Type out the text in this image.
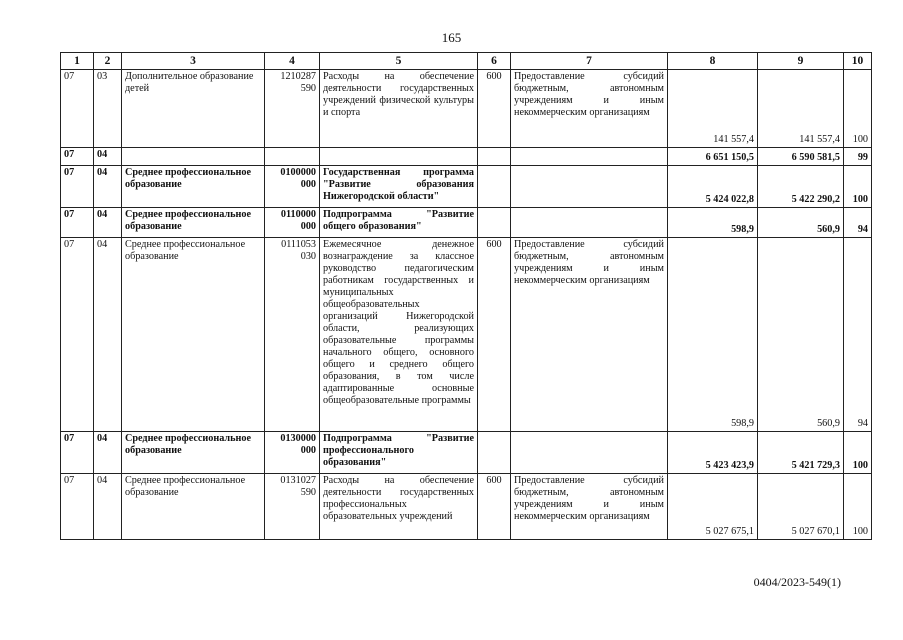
165
1	2	3	4	5	6	7	8	9	10
07	03	Дополнительное образование детей	1210287 590	Расходы на обеспечение деятельности государственных учреждений физической культуры и спорта	600	Предоставление субсидий бюджетным, автономным учреждениям и иным некоммерческим организациям	141 557,4	141 557,4	100
07	04						6 651 150,5	6 590 581,5	99
07	04	Среднее профессиональное образование	0100000 000	Государственная программа "Развитие образования Нижегородской области"			5 424 022,8	5 422 290,2	100
07	04	Среднее профессиональное образование	0110000 000	Подпрограмма "Развитие общего образования"			598,9	560,9	94
07	04	Среднее профессиональное образование	0111053 030	Ежемесячное денежное вознаграждение за классное руководство педагогическим работникам государственных и муниципальных общеобразовательных организаций Нижегородской области, реализующих образовательные программы начального общего, основного общего и среднего общего образования, в том числе адаптированные основные общеобразовательные программы	600	Предоставление субсидий бюджетным, автономным учреждениям и иным некоммерческим организациям	598,9	560,9	94
07	04	Среднее профессиональное образование	0130000 000	Подпрограмма "Развитие профессионального образования"			5 423 423,9	5 421 729,3	100
07	04	Среднее профессиональное образование	0131027 590	Расходы на обеспечение деятельности государственных профессиональных образовательных учреждений	600	Предоставление субсидий бюджетным, автономным учреждениям и иным некоммерческим организациям	5 027 675,1	5 027 670,1	100
0404/2023-549(1)
